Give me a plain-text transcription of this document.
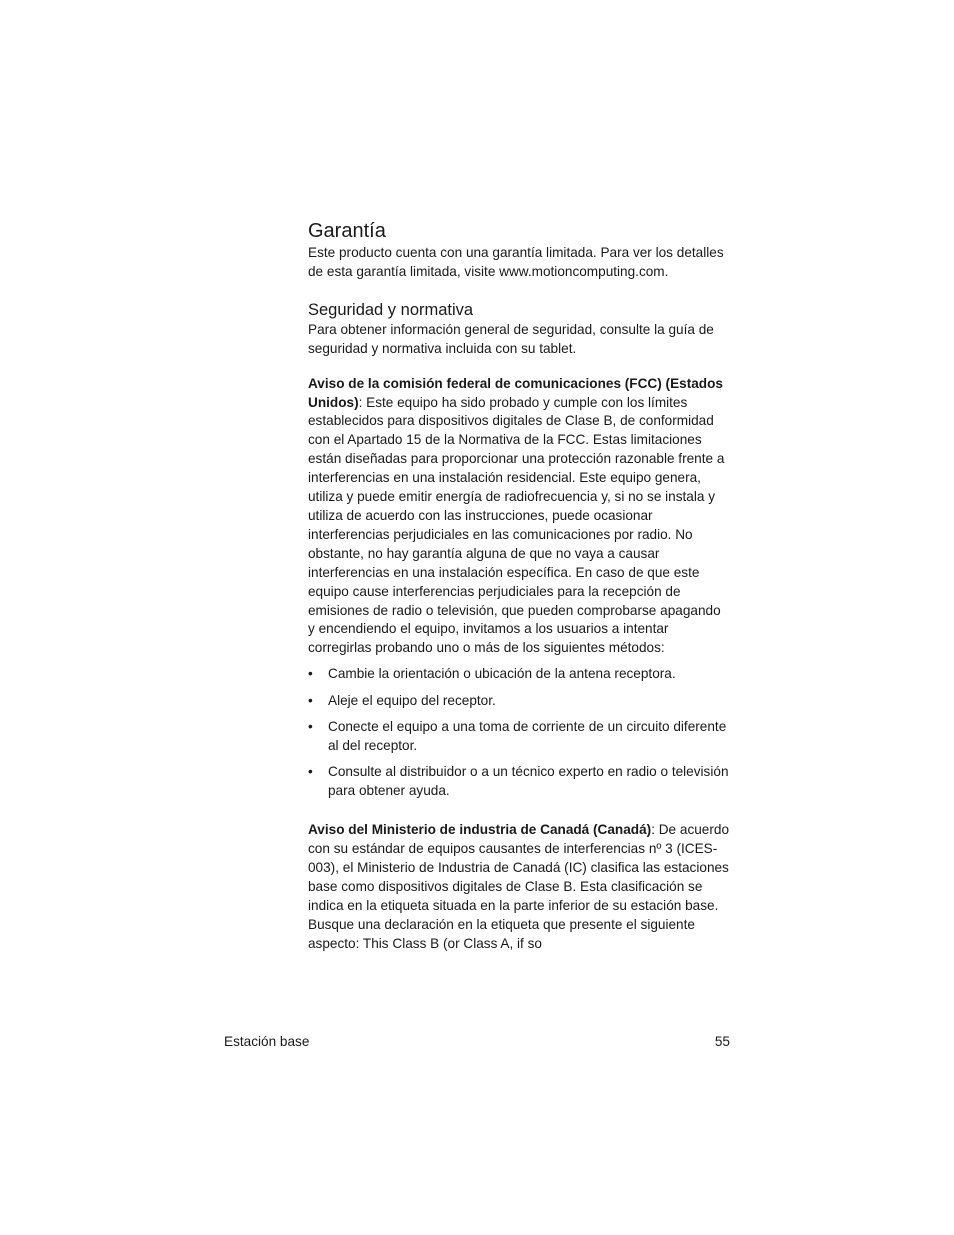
Garantía

Este producto cuenta con una garantía limitada. Para ver los detalles de esta garantía limitada, visite www.motioncomputing.com.

Seguridad y normativa

Para obtener información general de seguridad, consulte la guía de seguridad y normativa incluida con su tablet.

Aviso de la comisión federal de comunicaciones (FCC) (Estados Unidos): Este equipo ha sido probado y cumple con los límites establecidos para dispositivos digitales de Clase B, de conformidad con el Apartado 15 de la Normativa de la FCC. Estas limitaciones están diseñadas para proporcionar una protección razonable frente a interferencias en una instalación residencial. Este equipo genera, utiliza y puede emitir energía de radiofrecuencia y, si no se instala y utiliza de acuerdo con las instrucciones, puede ocasionar interferencias perjudiciales en las comunicaciones por radio. No obstante, no hay garantía alguna de que no vaya a causar interferencias en una instalación específica. En caso de que este equipo cause interferencias perjudiciales para la recepción de emisiones de radio o televisión, que pueden comprobarse apagando y encendiendo el equipo, invitamos a los usuarios a intentar corregirlas probando uno o más de los siguientes métodos:

• Cambie la orientación o ubicación de la antena receptora.
• Aleje el equipo del receptor.
• Conecte el equipo a una toma de corriente de un circuito diferente al del receptor.
• Consulte al distribuidor o a un técnico experto en radio o televisión para obtener ayuda.

Aviso del Ministerio de industria de Canadá (Canadá): De acuerdo con su estándar de equipos causantes de interferencias nº 3 (ICES-003), el Ministerio de Industria de Canadá (IC) clasifica las estaciones base como dispositivos digitales de Clase B. Esta clasificación se indica en la etiqueta situada en la parte inferior de su estación base. Busque una declaración en la etiqueta que presente el siguiente aspecto: This Class B (or Class A, if so

Estación base	55
